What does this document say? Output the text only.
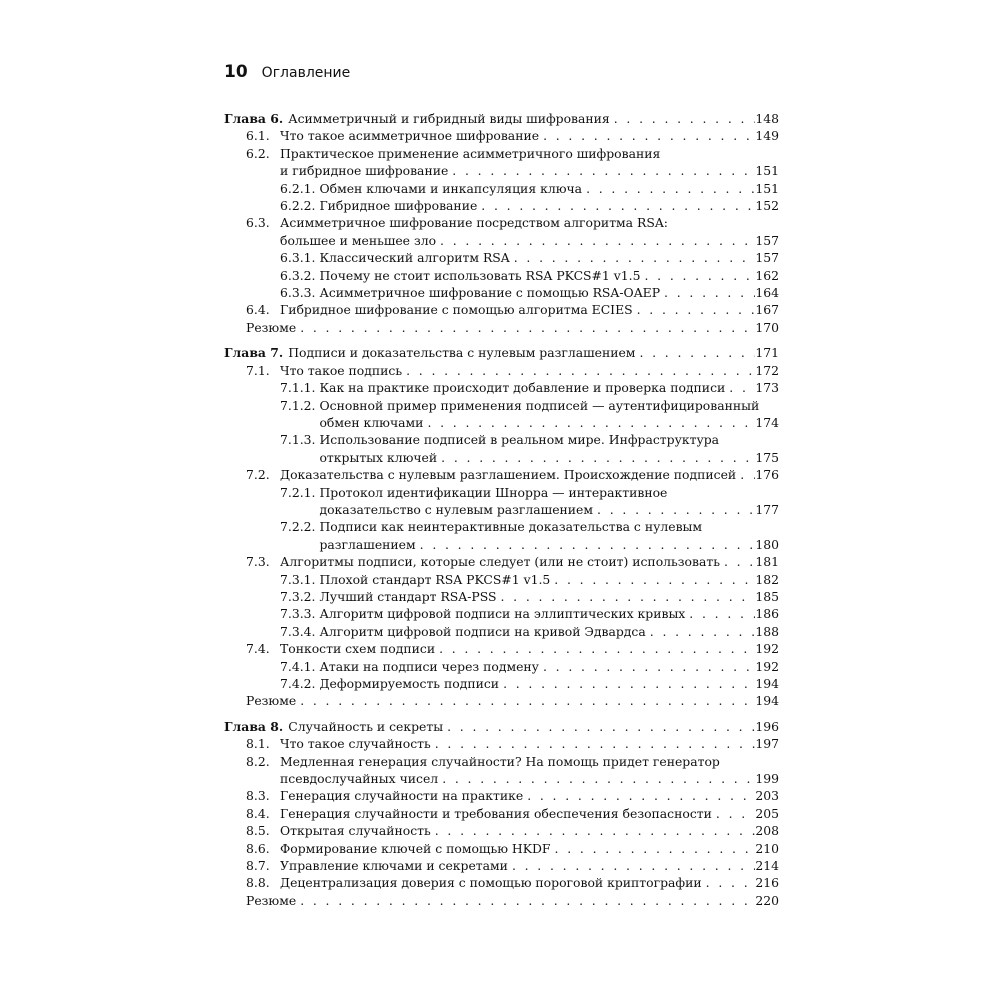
10 Оглавление
Глава 6. Асимметричный и гибридный виды шифрования . . .	148
6.1. Что такое асимметричное шифрование . . .	149
6.2. Практическое применение асимметричного шифрования
и гибридное шифрование . . .	151
6.2.1. Обмен ключами и инкапсуляция ключа . . .	151
6.2.2. Гибридное шифрование . . .	152
6.3. Асимметричное шифрование посредством алгоритма RSA:
большее и меньшее зло . . .	157
6.3.1. Классический алгоритм RSA . . .	157
6.3.2. Почему не стоит использовать RSA PKCS#1 v1.5 . . .	162
6.3.3. Асимметричное шифрование с помощью RSA-OAEP . . .	164
6.4. Гибридное шифрование с помощью алгоритма ECIES . . .	167
Резюме . . .	170
Глава 7. Подписи и доказательства с нулевым разглашением . . .	171
7.1. Что такое подпись . . .	172
7.1.1. Как на практике происходит добавление и проверка подписи . . . 173
7.1.2. Основной пример применения подписей — аутентифицированный
обмен ключами . . .	174
7.1.3. Использование подписей в реальном мире. Инфраструктура
открытых ключей . . .	175
7.2. Доказательства с нулевым разглашением. Происхождение подписей . . . 176
7.2.1. Протокол идентификации Шнорра — интерактивное
доказательство с нулевым разглашением . . .	177
7.2.2. Подписи как неинтерактивные доказательства с нулевым
разглашением . . .	180
7.3. Алгоритмы подписи, которые следует (или не стоит) использовать . . .	181
7.3.1. Плохой стандарт RSA PKCS#1 v1.5 . . .	182
7.3.2. Лучший стандарт RSA-PSS . . .	185
7.3.3. Алгоритм цифровой подписи на эллиптических кривых . . .	186
7.3.4. Алгоритм цифровой подписи на кривой Эдвардса . . .	188
7.4. Тонкости схем подписи . . .	192
7.4.1. Атаки на подписи через подмену . . .	192
7.4.2. Деформируемость подписи . . .	194
Резюме . . .	194
Глава 8. Случайность и секреты . . .	196
8.1. Что такое случайность . . .	197
8.2. Медленная генерация случайности? На помощь придет генератор
псевдослучайных чисел . . .	199
8.3. Генерация случайности на практике . . .	203
8.4. Генерация случайности и требования обеспечения безопасности . . .	205
8.5. Открытая случайность . . .	208
8.6. Формирование ключей с помощью HKDF . . .	210
8.7. Управление ключами и секретами . . .	214
8.8. Децентрализация доверия с помощью пороговой криптографии . . .	216
Резюме . . .	220
